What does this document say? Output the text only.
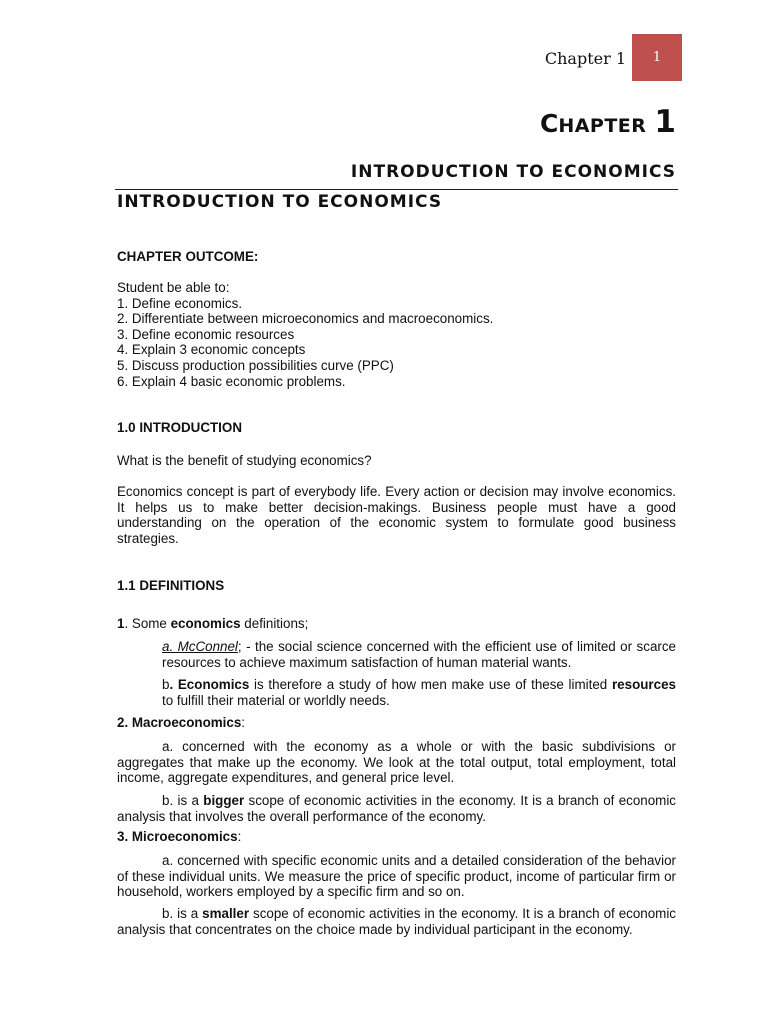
Chapter 1 1
CHAPTER 1
INTRODUCTION TO ECONOMICS
INTRODUCTION TO ECONOMICS
CHAPTER OUTCOME:

Student be able to:

1. Define economics.

2. Differentiate between microeconomics and macroeconomics.

3. Define economic resources

4. Explain 3 economic concepts

5. Discuss production possibilities curve (PPC)

6. Explain 4 basic economic problems.

1.0 INTRODUCTION
What is the benefit of studying economics?
Economics concept is part of everybody life. Every action or decision may involve economics. It helps us to make better decision-makings. Business people must have a good understanding on the operation of the economic system to formulate good business strategies.
1.1 DEFINITIONS
1. Some economics definitions;
a. McConnel; - the social science concerned with the efficient use of limited or scarce resources to achieve maximum satisfaction of human material wants.
b. Economics is therefore a study of how men make use of these limited resources to fulfill their material or worldly needs.
2. Macroeconomics:
a. concerned with the economy as a whole or with the basic subdivisions or aggregates that make up the economy. We look at the total output, total employment, total income, aggregate expenditures, and general price level.
b. is a bigger scope of economic activities in the economy. It is a branch of economic analysis that involves the overall performance of the economy.
3. Microeconomics:
a. concerned with specific economic units and a detailed consideration of the behavior of these individual units. We measure the price of specific product, income of particular firm or household, workers employed by a specific firm and so on.
b. is a smaller scope of economic activities in the economy. It is a branch of economic analysis that concentrates on the choice made by individual participant in the economy.
